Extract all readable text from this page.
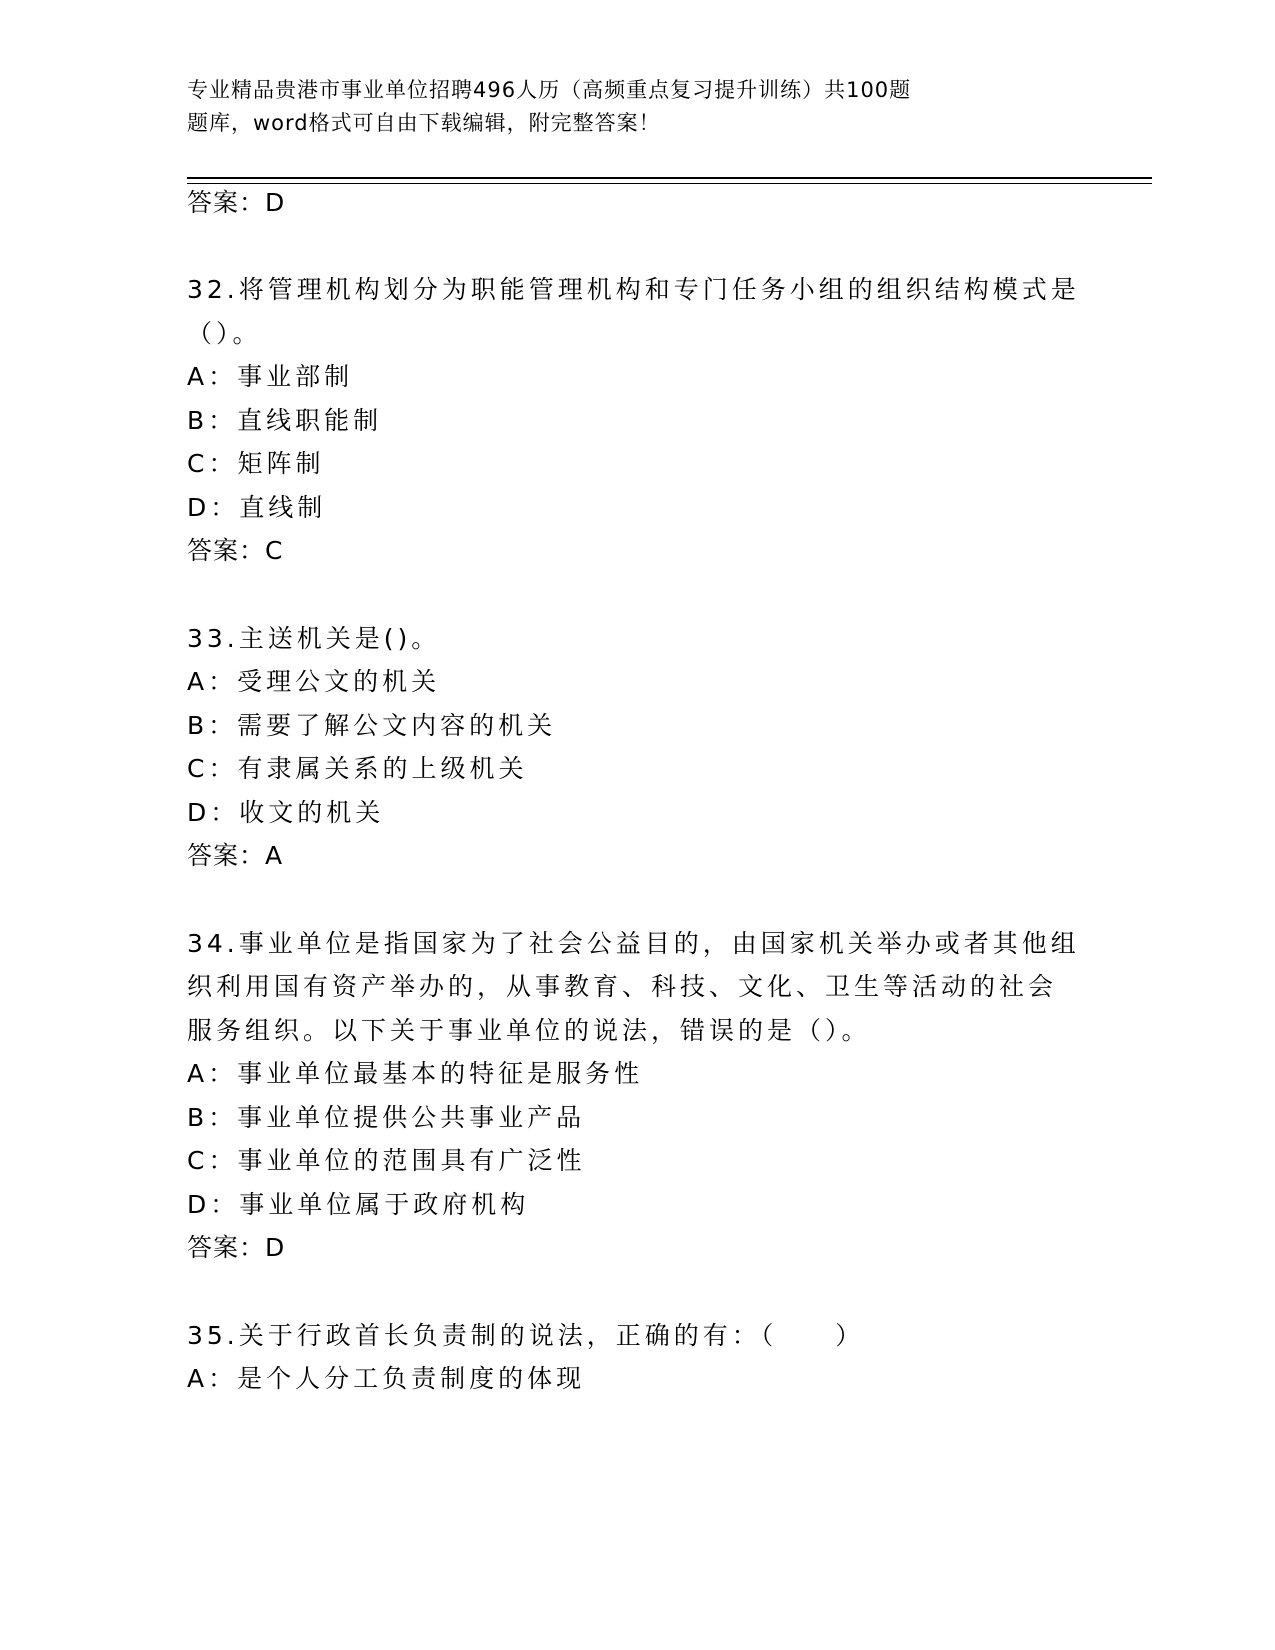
专业精品贵港市事业单位招聘496人历（高频重点复习提升训练）共100题
题库，word格式可自由下载编辑，附完整答案！
答案：D
32.将管理机构划分为职能管理机构和专门任务小组的组织结构模式是
（）。
A：事业部制
B：直线职能制
C：矩阵制
D：直线制
答案：C
33.主送机关是()。
A：受理公文的机关
B：需要了解公文内容的机关
C：有隶属关系的上级机关
D：收文的机关
答案：A
34.事业单位是指国家为了社会公益目的，由国家机关举办或者其他组
织利用国有资产举办的，从事教育、科技、文化、卫生等活动的社会
服务组织。以下关于事业单位的说法，错误的是（）。
A：事业单位最基本的特征是服务性
B：事业单位提供公共事业产品
C：事业单位的范围具有广泛性
D：事业单位属于政府机构
答案：D
35.关于行政首长负责制的说法，正确的有：（　　）
A：是个人分工负责制度的体现
